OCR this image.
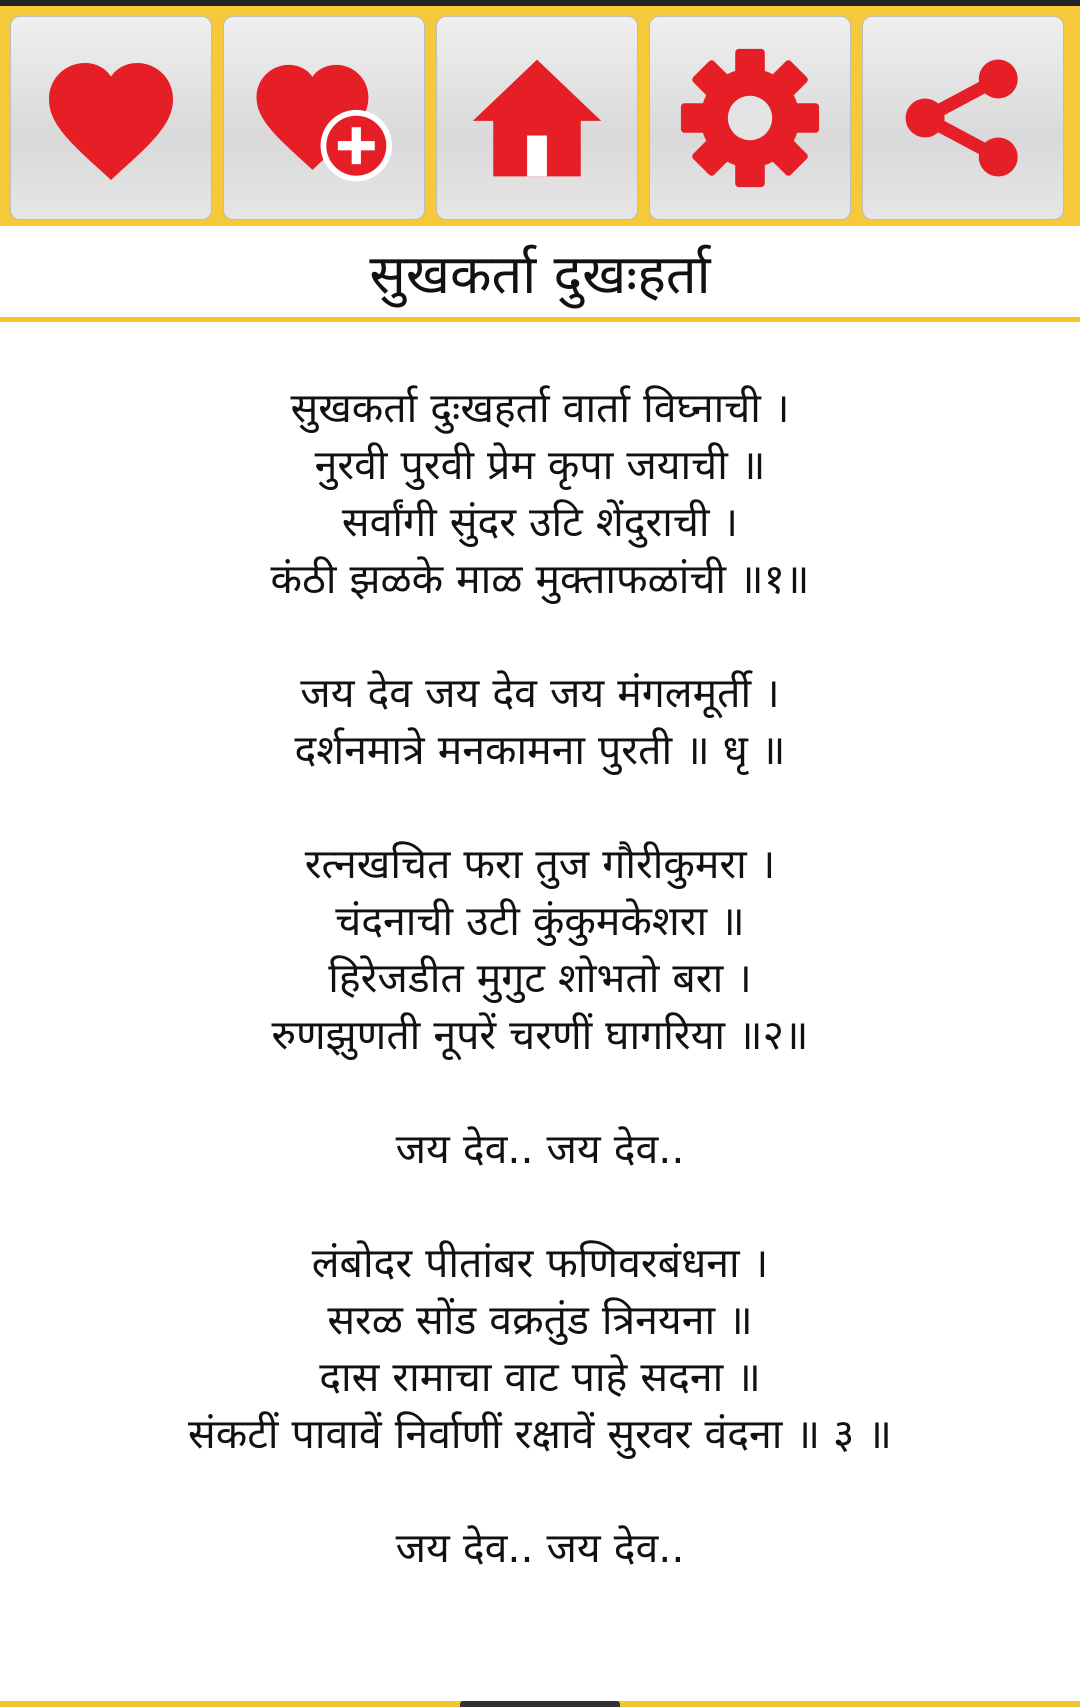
सुखकर्ता दुखःहर्ता
सुखकर्ता दुःखहर्ता वार्ता विघ्नाची ।
नुरवी पुरवी प्रेम कृपा जयाची ॥
सर्वांगी सुंदर उटि शेंदुराची ।
कंठी झळके माळ मुक्ताफळांची ॥१॥
जय देव जय देव जय मंगलमूर्ती ।
दर्शनमात्रे मनकामना पुरती ॥ धृ ॥
रत्नखचित फरा तुज गौरीकुमरा ।
चंदनाची उटी कुंकुमकेशरा ॥
हिरेजडीत मुगुट शोभतो बरा ।
रुणझुणती नूपरें चरणीं घागरिया ॥२॥
जय देव.. जय देव..
लंबोदर पीतांबर फणिवरबंधना ।
सरळ सोंड वक्रतुंड त्रिनयना ॥
दास रामाचा वाट पाहे सदना ॥
संकटीं पावावें निर्वाणीं रक्षावें सुरवर वंदना ॥ ३ ॥
जय देव.. जय देव..
